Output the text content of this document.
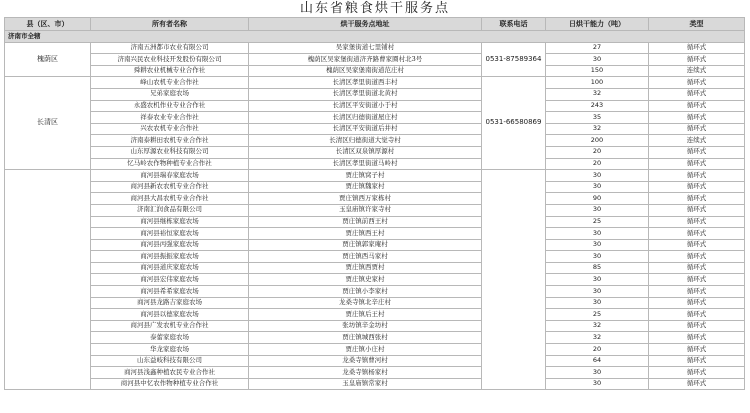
山东省粮食烘干服务点
县（区、市）	所有者名称	烘干服务点地址	联系电话	日烘干能力（吨）	类型
济南市全辖					
槐荫区	济南五洲都市农业有限公司	吴家堡街道七里铺村	0531-87589364	27	循环式
	济南兴民农业科技开发股份有限公司	槐荫区吴家堡街道济齐路曹家圈村北3号		30	循环式
	舜耕农业机械专业合作社	槐荫区吴家堡南街道范庄村		150	连续式
长清区	峰山农机专业合作社	长清区孝里街道西丰村	0531-66580869	100	循环式
	兄弟家庭农场	长清区孝里街道北黄村		32	循环式
	永盛农机作业专业合作社	长清区平安街道小于村		243	循环式
	祥泰农业专业合作社	长清区归德街道屋庄村		35	循环式
	兴农农机专业合作社	长清区平安街道后井村		32	循环式
	济南泰耕田农机专业合作社	长清区归德街道大觉寺村		200	连续式
	山东厚源农业科技有限公司	长清区双泉镇厚源村		20	循环式
	忆马岭农作物种植专业合作社	长清区孝里街道马岭村		20	循环式
	商河县瑞春家庭农场	贾庄镇窝子村		30	循环式
	商河县新农农机专业合作社	贾庄镇魏家村		30	循环式
	商河县大昌农机专业合作社	贾庄镇西万家栋村		90	循环式
	济南汇润食品有限公司	玉皇庙镇许家寺村		30	循环式
	商河县继栋家庭农场	贾庄镇前西王村		25	循环式
	商河县裕恒家庭农场	贾庄镇西王村		30	循环式
	商河县丙强家庭农场	贾庄镇郭家庵村		30	循环式
	商河县振振家庭农场	贾庄镇西马家村		30	循环式
	商河县道庆家庭农场	贾庄镇西贾村		85	循环式
	商河县宏伟家庭农场	贾庄镇史家村		30	循环式
	商河县希希家庭农场	贾庄镇小李家村		30	循环式
	商河县龙路吉家庭农场	龙桑寺镇北辛庄村		30	循环式
	商河县以德家庭农场	贾庄镇后王村		25	循环式
	商河县广发农机专业合作社	张坊镇辛金坊村		32	循环式
	泰蕾家庭农场	贾庄镇城西张村		32	循环式
	华龙家庭农场	贾庄镇小庄村		20	循环式
	山东益岐科技有限公司	龙桑寺镇曹河村		64	循环式
	商河县浅鑫种植农民专业合作社	龙桑寺镇杨家村		30	循环式
	商河县中忆农作物种植专业合作社	玉皇庙镇常家村		30	循环式
